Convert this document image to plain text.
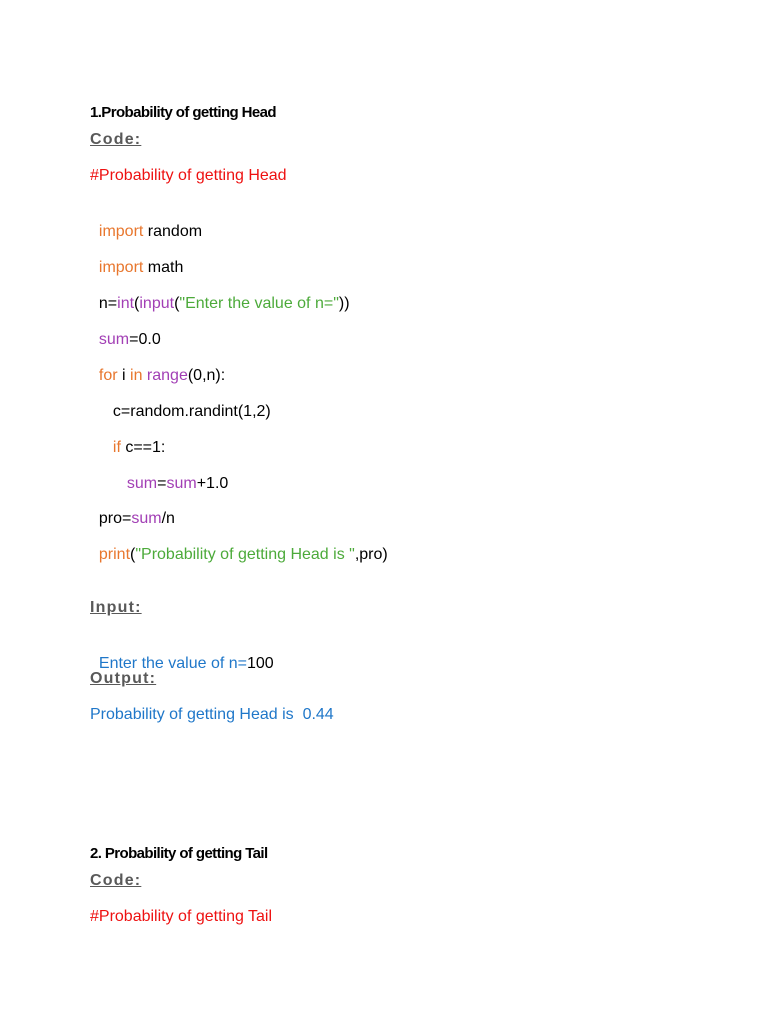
1.Probability of getting Head
Code:
#Probability of getting Head

import random

import math

n=int(input("Enter the value of n="))

sum=0.0

for i in range(0,n):

c=random.randint(1,2)

if c==1:

sum=sum+1.0

pro=sum/n

print("Probability of getting Head is ",pro)

Input:

Enter the value of n=100

Output:
Probability of getting Head is  0.44
2. Probability of getting Tail
Code:
#Probability of getting Tail
